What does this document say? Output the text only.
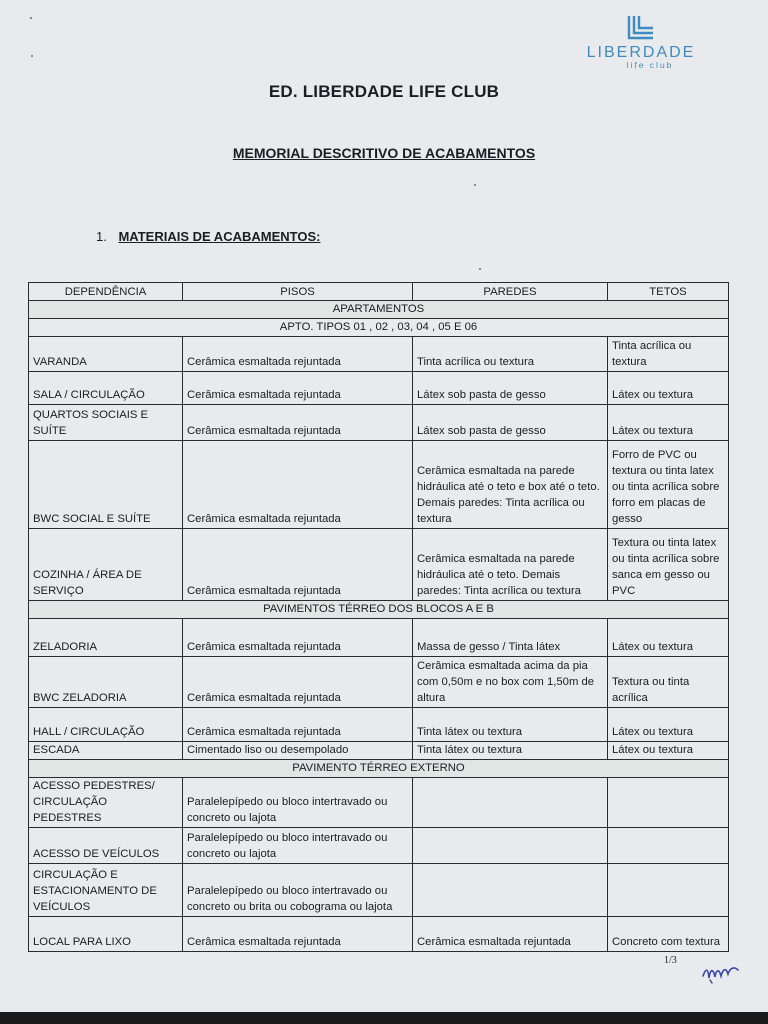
LIBERDADE
life club
ED. LIBERDADE LIFE CLUB
MEMORIAL DESCRITIVO DE ACABAMENTOS
1. MATERIAIS DE ACABAMENTOS:
DEPENDÊNCIA	PISOS	PAREDES	TETOS
APARTAMENTOS			
APTO. TIPOS 01 , 02 , 03, 04 , 05 E 06			
VARANDA	Cerâmica esmaltada rejuntada	Tinta acrílica ou textura	Tinta acrílica ou textura
SALA / CIRCULAÇÃO	Cerâmica esmaltada rejuntada	Látex sob pasta de gesso	Látex ou textura
QUARTOS SOCIAIS E SUÍTE	Cerâmica esmaltada rejuntada	Látex sob pasta de gesso	Látex ou textura
BWC SOCIAL E SUÍTE	Cerâmica esmaltada rejuntada	Cerâmica esmaltada na parede hidráulica até o teto e box até o teto. Demais paredes: Tinta acrílica ou textura	Forro de PVC ou textura ou tinta latex ou tinta acrílica sobre forro em placas de gesso
COZINHA / ÁREA DE SERVIÇO	Cerâmica esmaltada rejuntada	Cerâmica esmaltada na parede hidráulica até o teto. Demais paredes: Tinta acrílica ou textura	Textura ou tinta latex ou tinta acrílica sobre sanca em gesso ou PVC
PAVIMENTOS TÉRREO DOS BLOCOS A E B			
ZELADORIA	Cerâmica esmaltada rejuntada	Massa de gesso / Tinta látex	Látex ou textura
BWC ZELADORIA	Cerâmica esmaltada rejuntada	Cerâmica esmaltada acima da pia com 0,50m e no box com 1,50m de altura	Textura ou tinta acrílica
HALL / CIRCULAÇÃO	Cerâmica esmaltada rejuntada	Tinta látex ou textura	Látex ou textura
ESCADA	Cimentado liso ou desempolado	Tinta látex ou textura	Látex ou textura
PAVIMENTO TÉRREO EXTERNO			
ACESSO PEDESTRES/ CIRCULAÇÃO PEDESTRES	Paralelepípedo ou bloco intertravado ou concreto ou lajota		
ACESSO DE VEÍCULOS	Paralelepípedo ou bloco intertravado ou concreto ou lajota		
CIRCULAÇÃO E ESTACIONAMENTO DE VEÍCULOS	Paralelepípedo ou bloco intertravado ou concreto ou brita ou cobograma ou lajota		
LOCAL PARA LIXO	Cerâmica esmaltada rejuntada	Cerâmica esmaltada rejuntada	Concreto com textura
1/3
